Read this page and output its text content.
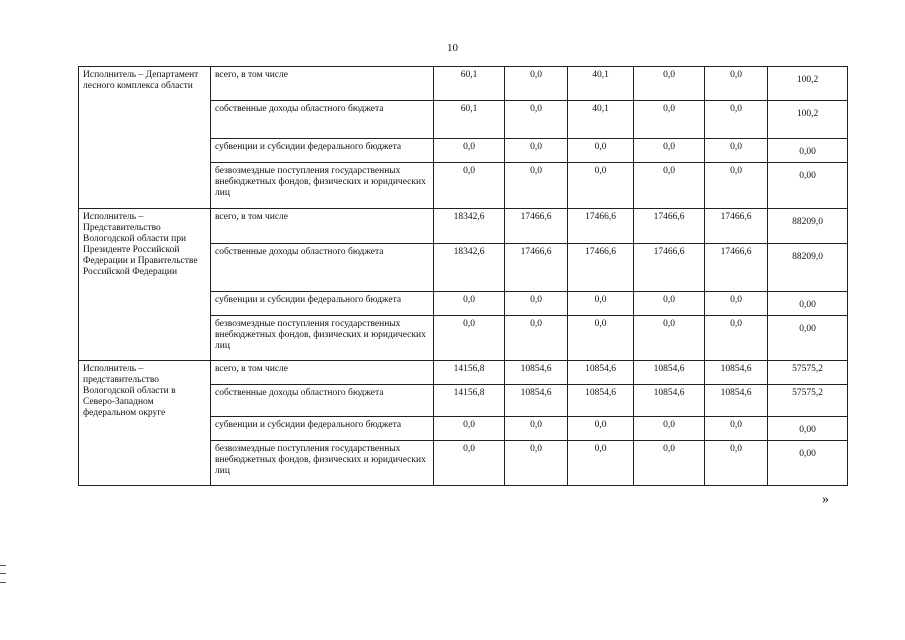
10
Исполнитель – Департамент лесного комплекса области	всего, в том числе	60,1	0,0	40,1	0,0	0,0	100,2
	собственные доходы областного бюджета	60,1	0,0	40,1	0,0	0,0	100,2
	субвенции и субсидии федерального бюджета	0,0	0,0	0,0	0,0	0,0	0,00
	безвозмездные поступления государственных внебюджетных фондов, физических и юридических лиц	0,0	0,0	0,0	0,0	0,0	0,00
Исполнитель – Представительство Вологодской области при Президенте Российской Федерации и Правительстве Российской Федерации	всего, в том числе	18342,6	17466,6	17466,6	17466,6	17466,6	88209,0
	собственные доходы областного бюджета	18342,6	17466,6	17466,6	17466,6	17466,6	88209,0
	субвенции и субсидии федерального бюджета	0,0	0,0	0,0	0,0	0,0	0,00
	безвозмездные поступления государственных внебюджетных фондов, физических и юридических лиц	0,0	0,0	0,0	0,0	0,0	0,00
Исполнитель – представительство Вологодской области в Северо-Западном федеральном округе	всего, в том числе	14156,8	10854,6	10854,6	10854,6	10854,6	57575,2
	собственные доходы областного бюджета	14156,8	10854,6	10854,6	10854,6	10854,6	57575,2
	субвенции и субсидии федерального бюджета	0,0	0,0	0,0	0,0	0,0	0,00
	безвозмездные поступления государственных внебюджетных фондов, физических и юридических лиц	0,0	0,0	0,0	0,0	0,0	0,00
»
